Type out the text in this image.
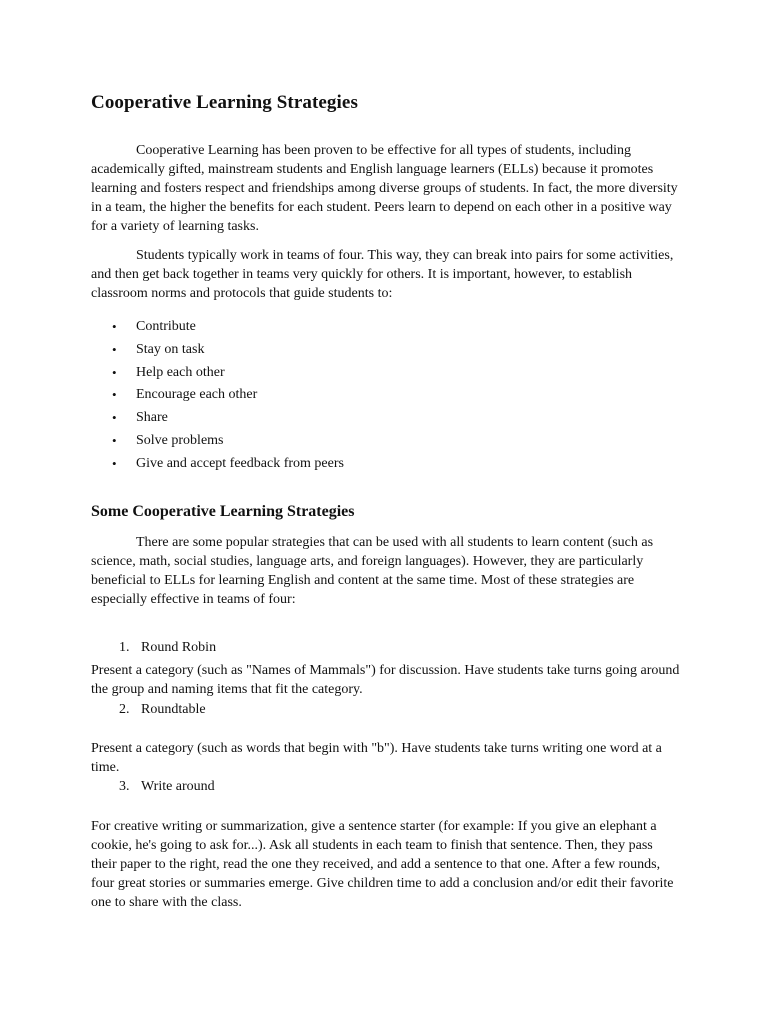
Cooperative Learning Strategies

Cooperative Learning has been proven to be effective for all types of students, including academically gifted, mainstream students and English language learners (ELLs) because it promotes learning and fosters respect and friendships among diverse groups of students. In fact, the more diversity in a team, the higher the benefits for each student. Peers learn to depend on each other in a positive way for a variety of learning tasks.

Students typically work in teams of four. This way, they can break into pairs for some activities, and then get back together in teams very quickly for others. It is important, however, to establish classroom norms and protocols that guide students to:

• Contribute
• Stay on task
• Help each other
• Encourage each other
• Share
• Solve problems
• Give and accept feedback from peers
Some Cooperative Learning Strategies

There are some popular strategies that can be used with all students to learn content (such as science, math, social studies, language arts, and foreign languages). However, they are particularly beneficial to ELLs for learning English and content at the same time. Most of these strategies are especially effective in teams of four:

1. Round Robin

Present a category (such as "Names of Mammals") for discussion. Have students take turns going around the group and naming items that fit the category.

2. Roundtable

Present a category (such as words that begin with "b"). Have students take turns writing one word at a time.

3. Write around

For creative writing or summarization, give a sentence starter (for example: If you give an elephant a cookie, he's going to ask for...). Ask all students in each team to finish that sentence. Then, they pass their paper to the right, read the one they received, and add a sentence to that one. After a few rounds, four great stories or summaries emerge. Give children time to add a conclusion and/or edit their favorite one to share with the class.
